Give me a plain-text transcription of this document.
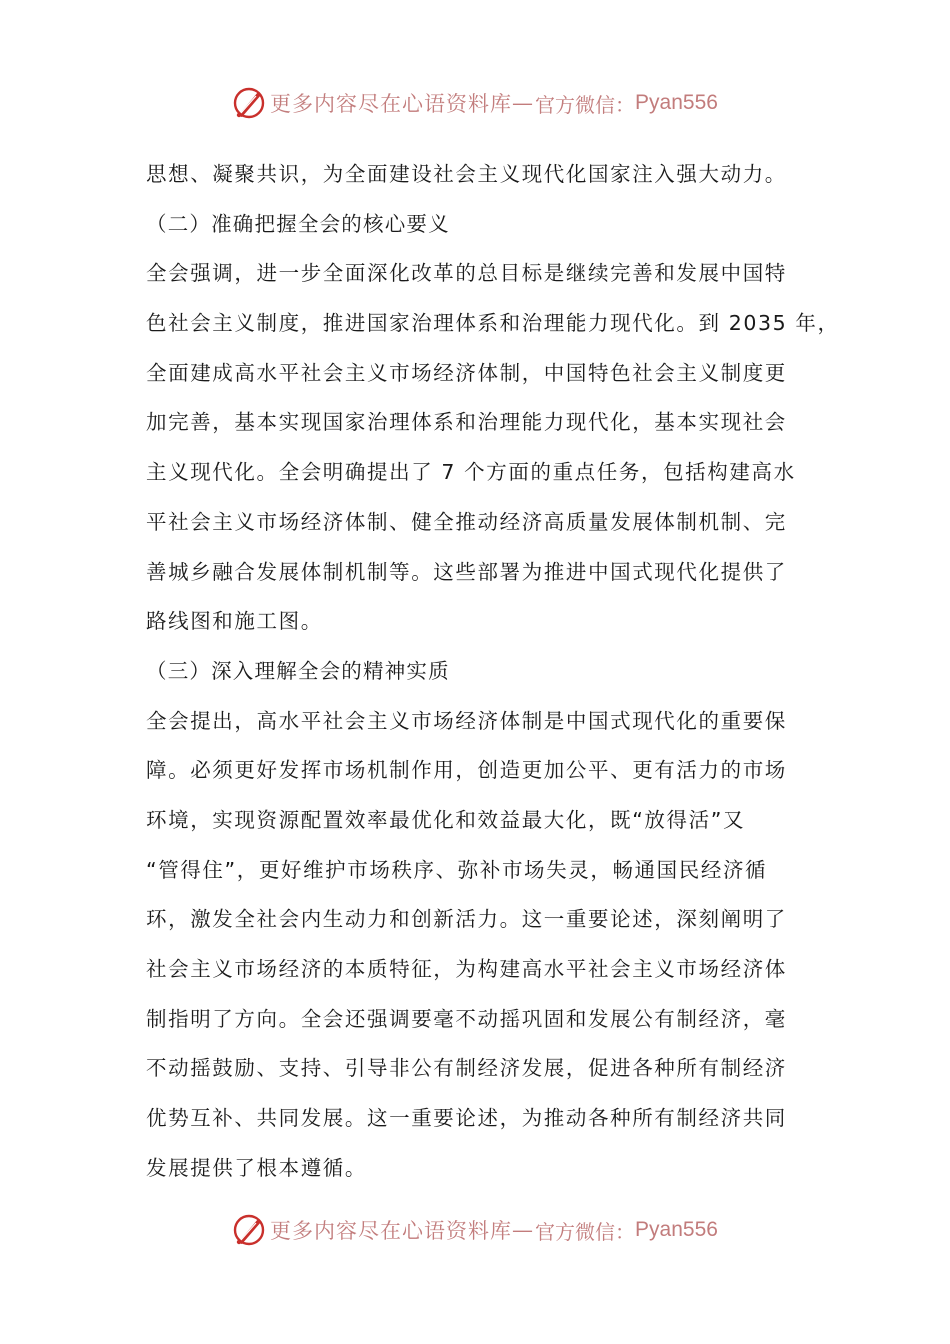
更多内容尽在心语资料库 — 官方微信： Pyan556
思想、凝聚共识，为全面建设社会主义现代化国家注入强大动力。
（二）准确把握全会的核心要义
全会强调，进一步全面深化改革的总目标是继续完善和发展中国特
色社会主义制度，推进国家治理体系和治理能力现代化。到 2035 年，
全面建成高水平社会主义市场经济体制，中国特色社会主义制度更
加完善，基本实现国家治理体系和治理能力现代化，基本实现社会
主义现代化。全会明确提出了 7 个方面的重点任务，包括构建高水
平社会主义市场经济体制、健全推动经济高质量发展体制机制、完
善城乡融合发展体制机制等。这些部署为推进中国式现代化提供了
路线图和施工图。
（三）深入理解全会的精神实质
全会提出，高水平社会主义市场经济体制是中国式现代化的重要保
障。必须更好发挥市场机制作用，创造更加公平、更有活力的市场
环境，实现资源配置效率最优化和效益最大化，既“放得活”又
“管得住”，更好维护市场秩序、弥补市场失灵，畅通国民经济循
环，激发全社会内生动力和创新活力。这一重要论述，深刻阐明了
社会主义市场经济的本质特征，为构建高水平社会主义市场经济体
制指明了方向。全会还强调要毫不动摇巩固和发展公有制经济，毫
不动摇鼓励、支持、引导非公有制经济发展，促进各种所有制经济
优势互补、共同发展。这一重要论述，为推动各种所有制经济共同
发展提供了根本遵循。
更多内容尽在心语资料库 — 官方微信： Pyan556
